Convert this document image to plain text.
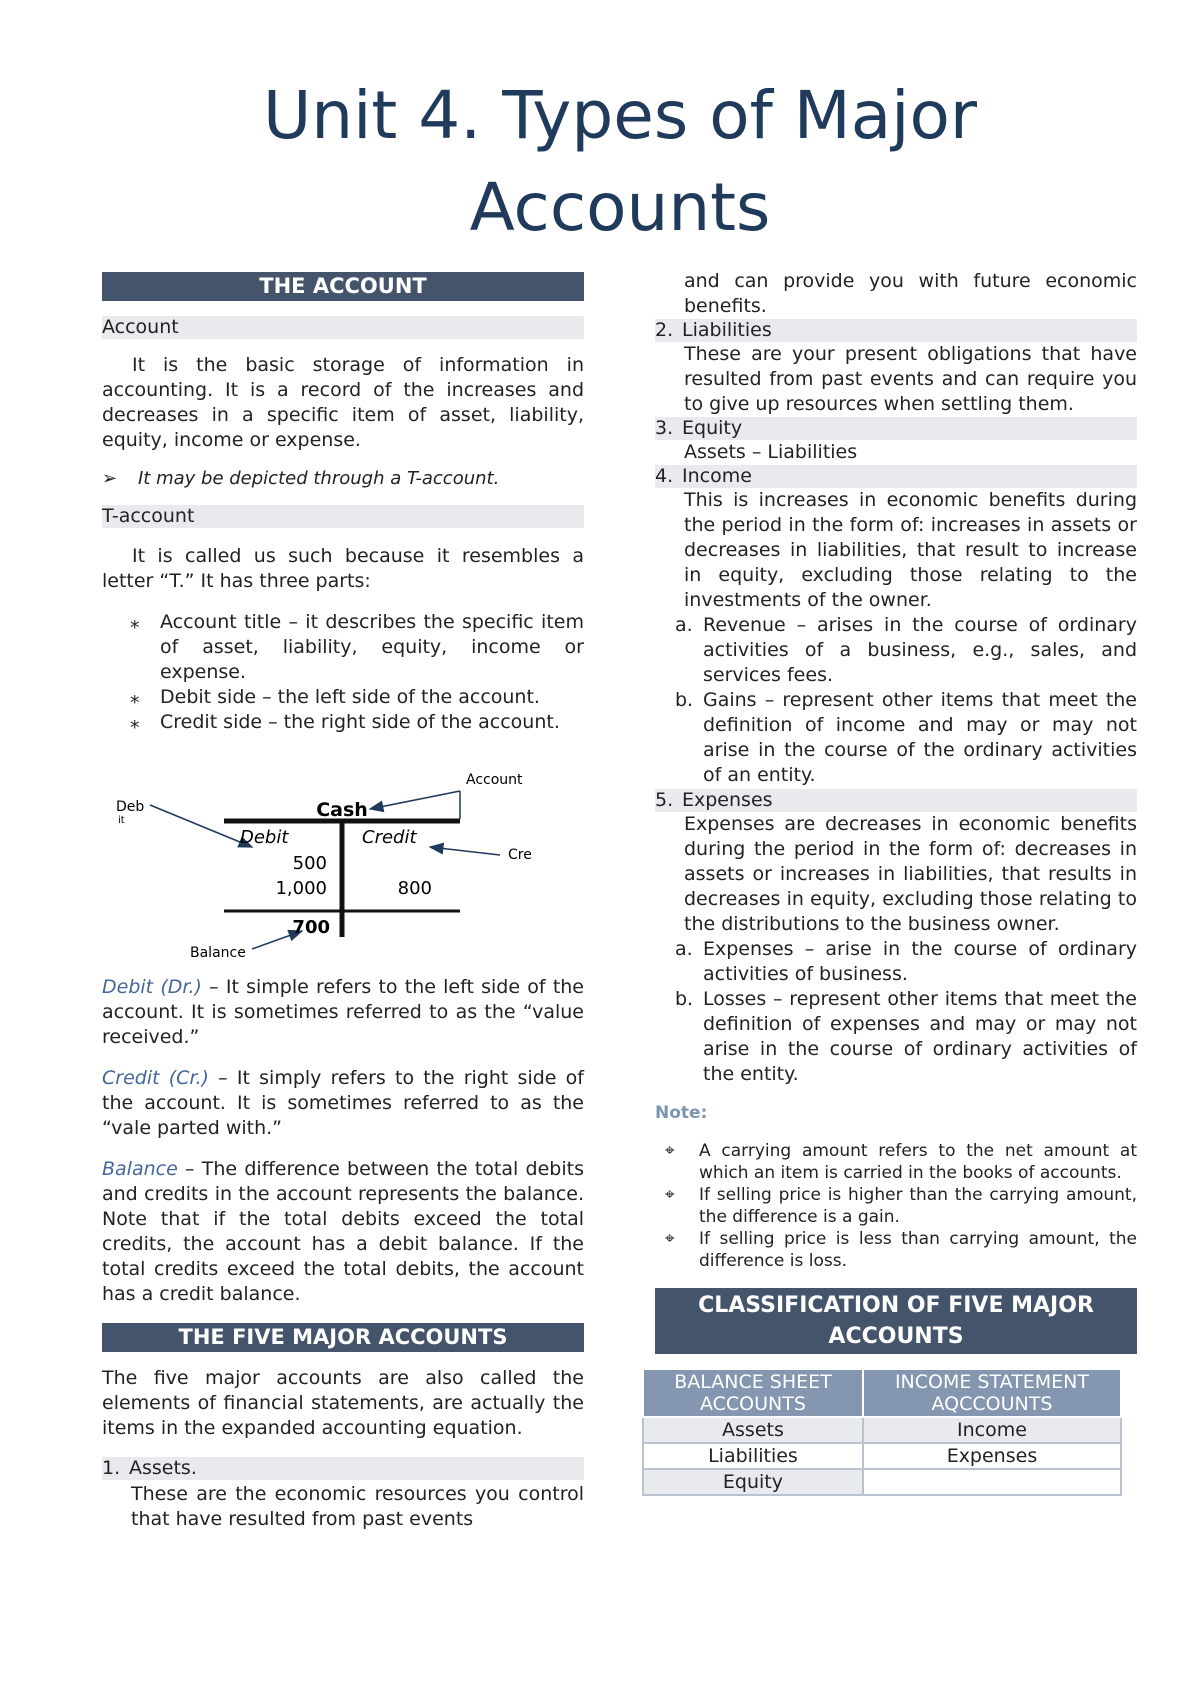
Unit 4. Types of Major
Accounts
THE ACCOUNT
Account

It is the basic storage of information in accounting. It is a record of the increases and decreases in a specific item of asset, liability, equity, income or expense.

➢ It may be depicted through a T-account.
T-account

It is called us such because it resembles a letter “T.” It has three parts:

⁎ Account title – it describes the specific item of asset, liability, equity, income or expense.
⁎ Debit side – the left side of the account.
⁎ Credit side – the right side of the account.
Cash
Debit	Credit
500
1,000	800
700
Account
Deb
it
Cre
Balance

Debit (Dr.) – It simple refers to the left side of the account. It is sometimes referred to as the “value received.”

Credit (Cr.) – It simply refers to the right side of the account. It is sometimes referred to as the “vale parted with.”

Balance – The difference between the total debits and credits in the account represents the balance. Note that if the total debits exceed the total credits, the account has a debit balance. If the total credits exceed the total debits, the account has a credit balance.

THE FIVE MAJOR ACCOUNTS

The five major accounts are also called the elements of financial statements, are actually the items in the expanded accounting equation.

1. Assets.

These are the economic resources you control that have resulted from past events

and can provide you with future economic benefits.

2. Liabilities

These are your present obligations that have resulted from past events and can require you to give up resources when settling them.

3. Equity

Assets – Liabilities

4. Income

This is increases in economic benefits during the period in the form of: increases in assets or decreases in liabilities, that result to increase in equity, excluding those relating to the investments of the owner.

a. Revenue – arises in the course of ordinary activities of a business, e.g., sales, and services fees.
b. Gains – represent other items that meet the definition of income and may or may not arise in the course of the ordinary activities of an entity.
5. Expenses

Expenses are decreases in economic benefits during the period in the form of: decreases in assets or increases in liabilities, that results in decreases in equity, excluding those relating to the distributions to the business owner.

a. Expenses – arise in the course of ordinary activities of business.
b. Losses – represent other items that meet the definition of expenses and may or may not arise in the course of ordinary activities of the entity.
Note:
⌖ A carrying amount refers to the net amount at which an item is carried in the books of accounts.
⌖ If selling price is higher than the carrying amount, the difference is a gain.
⌖ If selling price is less than carrying amount, the difference is loss.
CLASSIFICATION OF FIVE MAJOR ACCOUNTS
BALANCE SHEET ACCOUNTS	INCOME STATEMENT AQCCOUNTS
Assets	Income
Liabilities	Expenses
Equity	
